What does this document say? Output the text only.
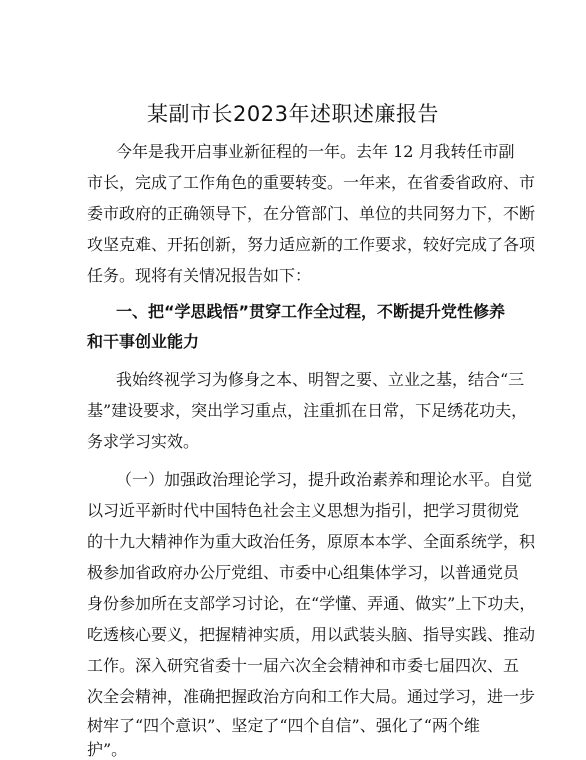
某副市长2023年述职述廉报告
今年是我开启事业新征程的一年。去年 12 月我转任市副
市长，完成了工作角色的重要转变。一年来，在省委省政府、市
委市政府的正确领导下，在分管部门、单位的共同努力下，不断
攻坚克难、开拓创新，努力适应新的工作要求，较好完成了各项
任务。现将有关情况报告如下：
一、把“学思践悟”贯穿工作全过程，不断提升党性修养
和干事创业能力
我始终视学习为修身之本、明智之要、立业之基，结合“三
基”建设要求，突出学习重点，注重抓在日常，下足绣花功夫，
务求学习实效。
（一）加强政治理论学习，提升政治素养和理论水平。自觉
以习近平新时代中国特色社会主义思想为指引，把学习贯彻党
的十九大精神作为重大政治任务，原原本本学、全面系统学，积
极参加省政府办公厅党组、市委中心组集体学习，以普通党员
身份参加所在支部学习讨论，在“学懂、弄通、做实”上下功夫，
吃透核心要义，把握精神实质，用以武装头脑、指导实践、推动
工作。深入研究省委十一届六次全会精神和市委七届四次、五
次全会精神，准确把握政治方向和工作大局。通过学习，进一步
树牢了“四个意识”、坚定了“四个自信”、强化了“两个维
护”。
